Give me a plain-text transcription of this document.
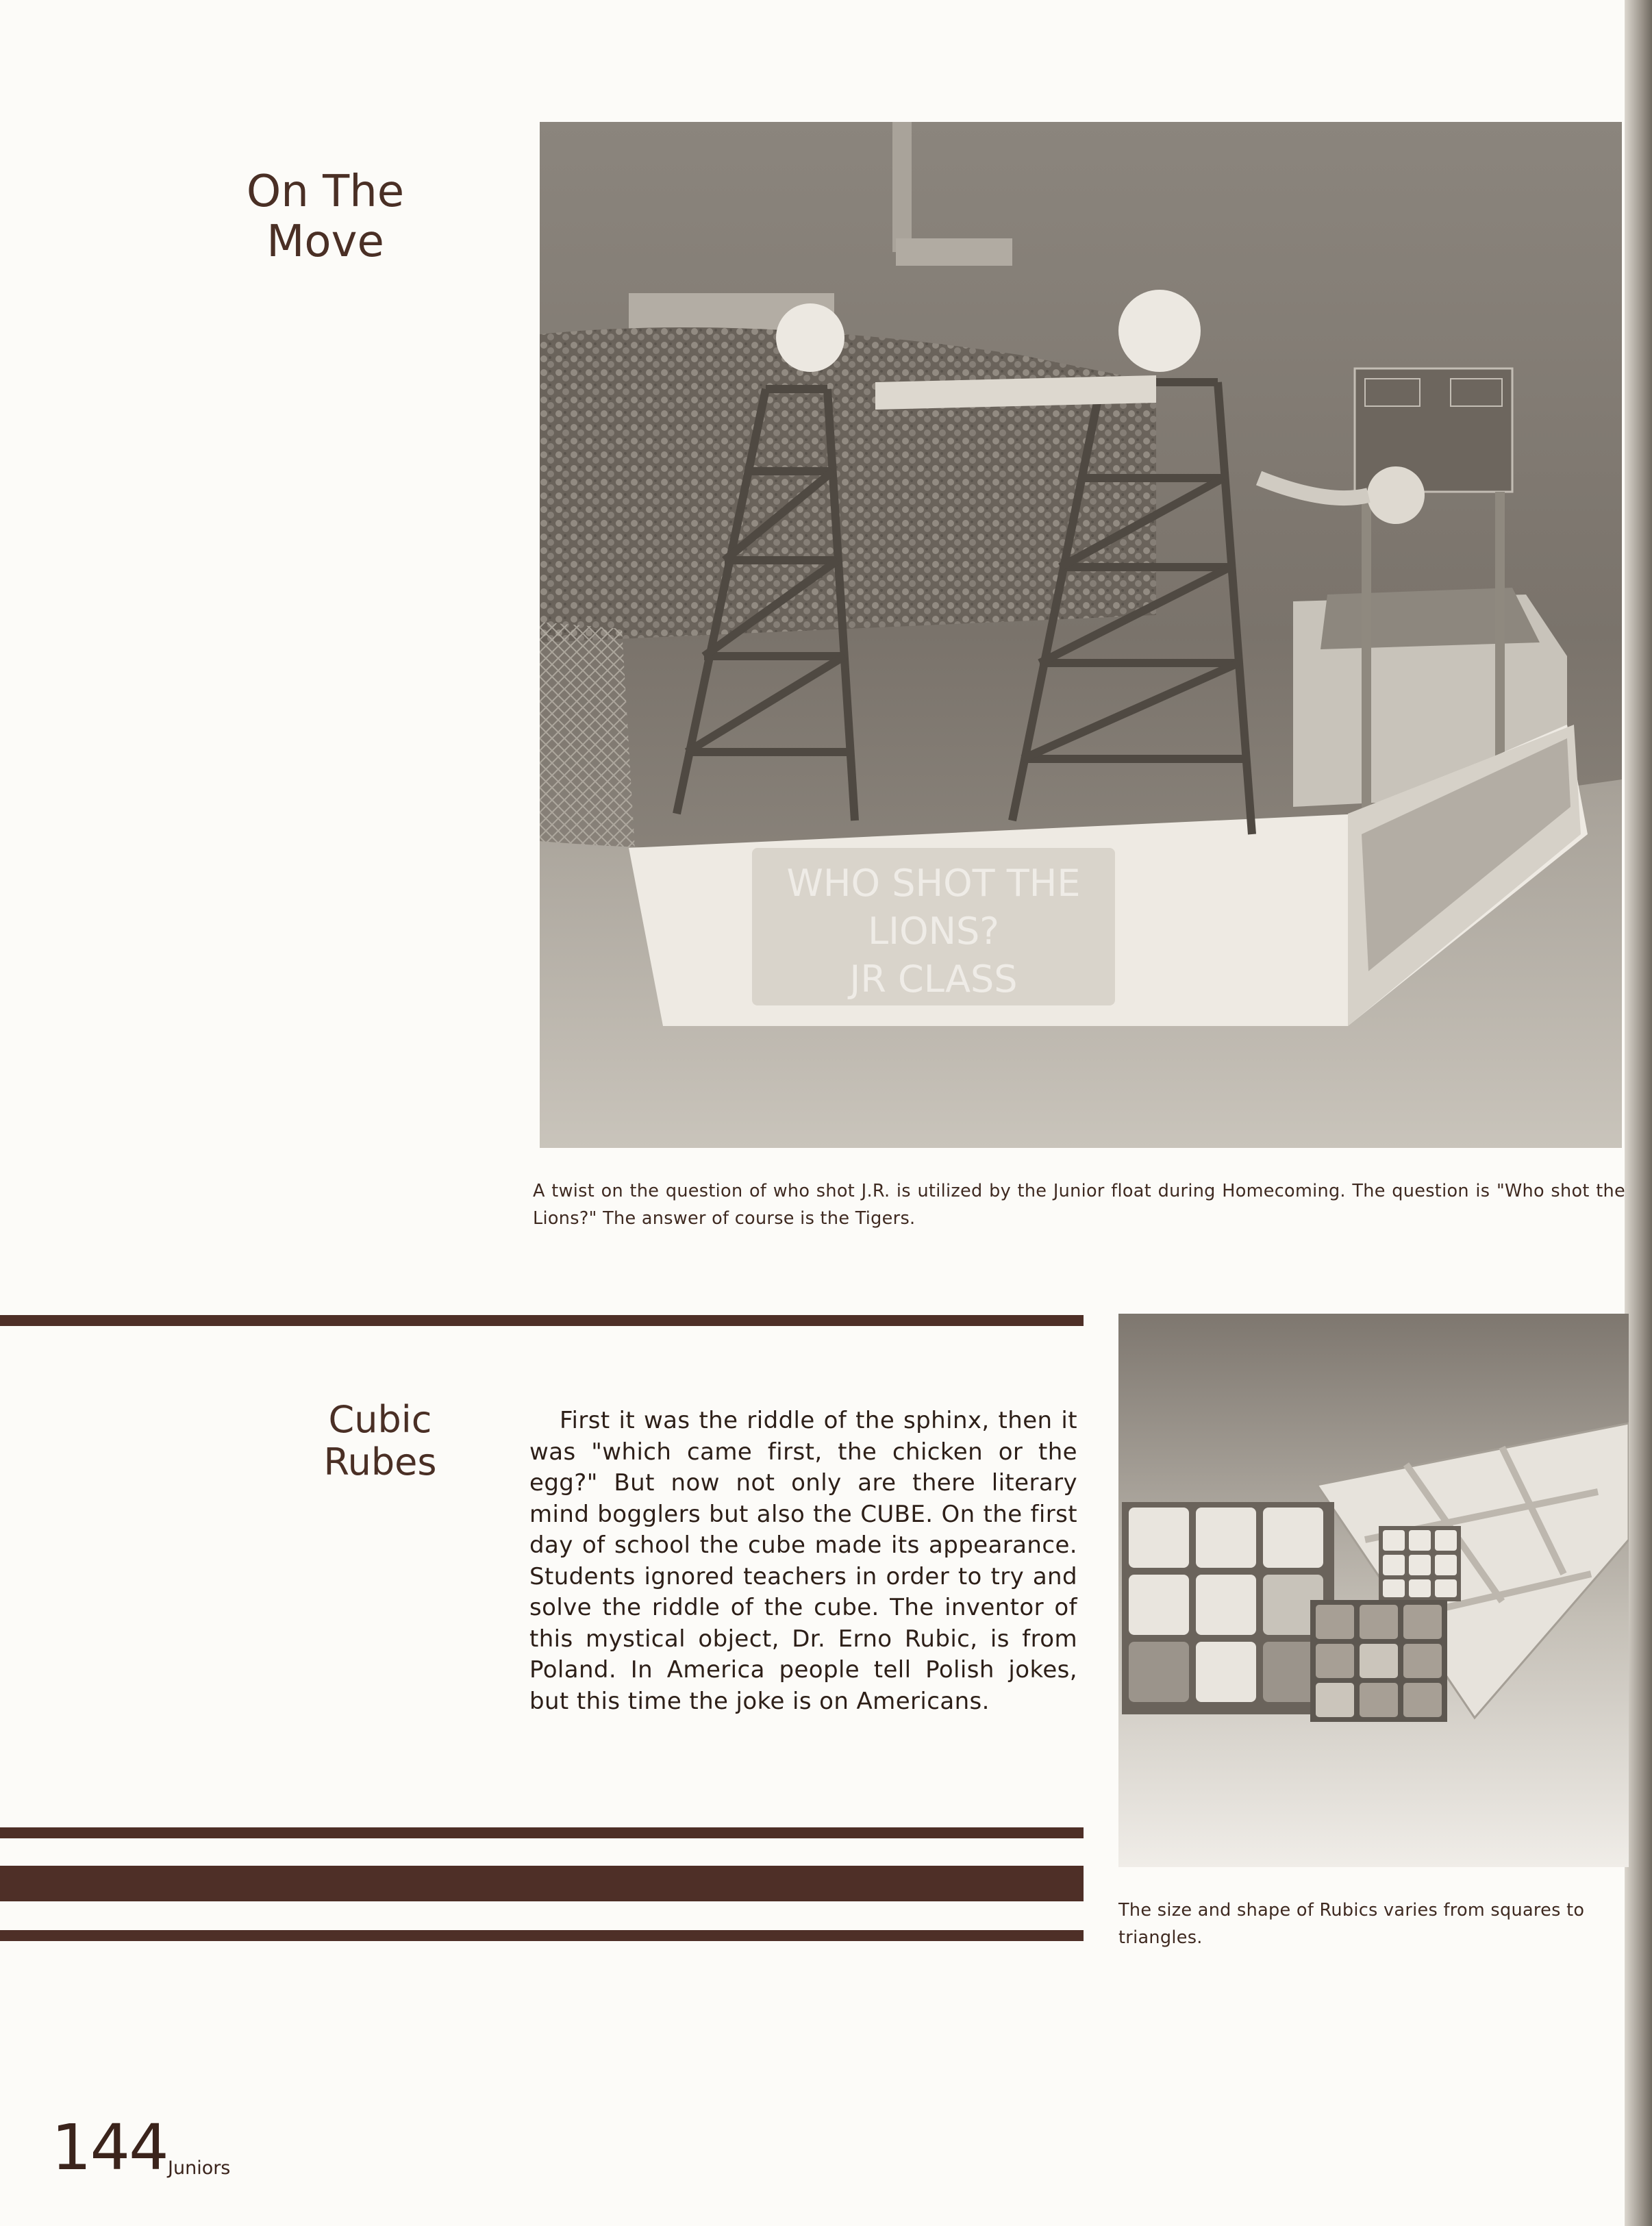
On The
Move
WHO SHOT THE
LIONS?
JR CLASS
A twist on the question of who shot J.R. is utilized by the Junior float during Homecoming. The question is "Who shot the Lions?" The answer of course is the Tigers.
Cubic
Rubes
First it was the riddle of the sphinx, then it was "which came first, the chicken or the egg?" But now not only are there literary mind bogglers but also the CUBE. On the first day of school the cube made its appearance. Students ignored teachers in order to try and solve the riddle of the cube. The inventor of this mystical object, Dr. Erno Rubic, is from Poland. In America people tell Polish jokes, but this time the joke is on Americans.
The size and shape of Rubics varies from squares to triangles.
144 Juniors
